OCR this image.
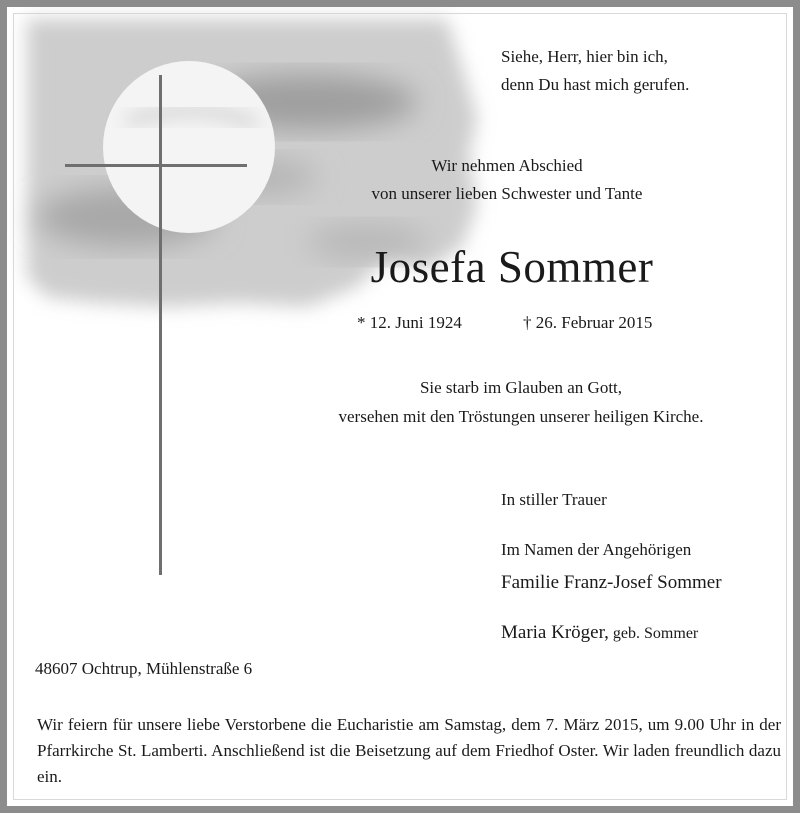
Siehe, Herr, hier bin ich,
denn Du hast mich gerufen.
Wir nehmen Abschied
von unserer lieben Schwester und Tante
Josefa Sommer
* 12. Juni 1924	† 26. Februar 2015
Sie starb im Glauben an Gott,
versehen mit den Tröstungen unserer heiligen Kirche.
In stiller Trauer
Im Namen der Angehörigen
Familie Franz-Josef Sommer
Maria Kröger, geb. Sommer
48607 Ochtrup, Mühlenstraße 6
Wir feiern für unsere liebe Verstorbene die Eucharistie am Samstag, dem 7. März 2015, um 9.00 Uhr in der Pfarrkirche St. Lamberti. Anschließend ist die Beisetzung auf dem Friedhof Oster. Wir laden freundlich dazu ein.
